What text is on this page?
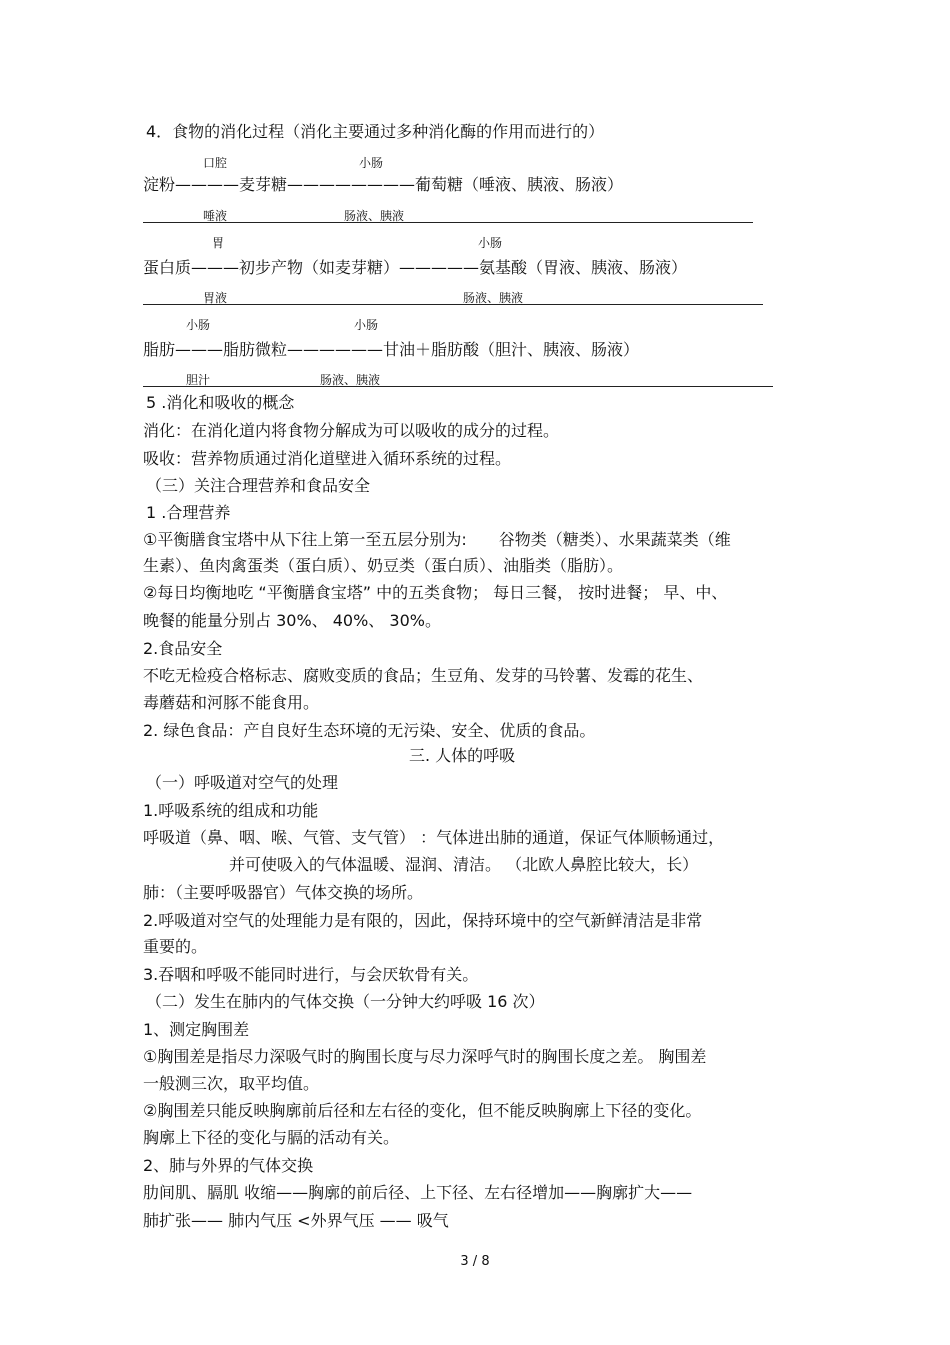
4．食物的消化过程（消化主要通过多种消化酶的作用而进行的）
口腔	小肠
淀粉————麦芽糖————————葡萄糖（唾液、胰液、肠液）
唾液	肠液、胰液
胃	小肠
蛋白质———初步产物（如麦芽糖）—————氨基酸（胃液、胰液、肠液）
胃液	肠液、胰液
小肠	小肠
脂肪———脂肪微粒——————甘油＋脂肪酸（胆汁、胰液、肠液）
胆汁	肠液、胰液
5 .消化和吸收的概念
消化：在消化道内将食物分解成为可以吸收的成分的过程。
吸收：营养物质通过消化道壁进入循环系统的过程。
（三）关注合理营养和食品安全
1 .合理营养
①平衡膳食宝塔中从下往上第一至五层分别为:　　谷物类（糖类）、水果蔬菜类（维
生素）、鱼肉禽蛋类（蛋白质）、奶豆类（蛋白质）、油脂类（脂肪）。
②每日均衡地吃 “平衡膳食宝塔” 中的五类食物； 每日三餐， 按时进餐； 早、中、
晚餐的能量分别占 30%、 40%、 30%。
2.食品安全
不吃无检疫合格标志、腐败变质的食品；生豆角、发芽的马铃薯、发霉的花生、
毒蘑菇和河豚不能食用。
2. 绿色食品：产自良好生态环境的无污染、安全、优质的食品。
三. 人体的呼吸
（一）呼吸道对空气的处理
1.呼吸系统的组成和功能
呼吸道（鼻、咽、喉、气管、支气管） ：气体进出肺的通道，保证气体顺畅通过，
并可使吸入的气体温暖、湿润、清洁。 （北欧人鼻腔比较大，长）
肺：（主要呼吸器官）气体交换的场所。
2.呼吸道对空气的处理能力是有限的，因此，保持环境中的空气新鲜清洁是非常
重要的。
3.吞咽和呼吸不能同时进行，与会厌软骨有关。
（二）发生在肺内的气体交换（一分钟大约呼吸 16 次）
1、测定胸围差
①胸围差是指尽力深吸气时的胸围长度与尽力深呼气时的胸围长度之差。 胸围差
一般测三次，取平均值。
②胸围差只能反映胸廓前后径和左右径的变化，但不能反映胸廓上下径的变化。
胸廓上下径的变化与膈的活动有关。
2、肺与外界的气体交换
肋间肌、膈肌 收缩——胸廓的前后径、上下径、左右径增加——胸廓扩大——
肺扩张—— 肺内气压 <外界气压 —— 吸气
3 / 8
